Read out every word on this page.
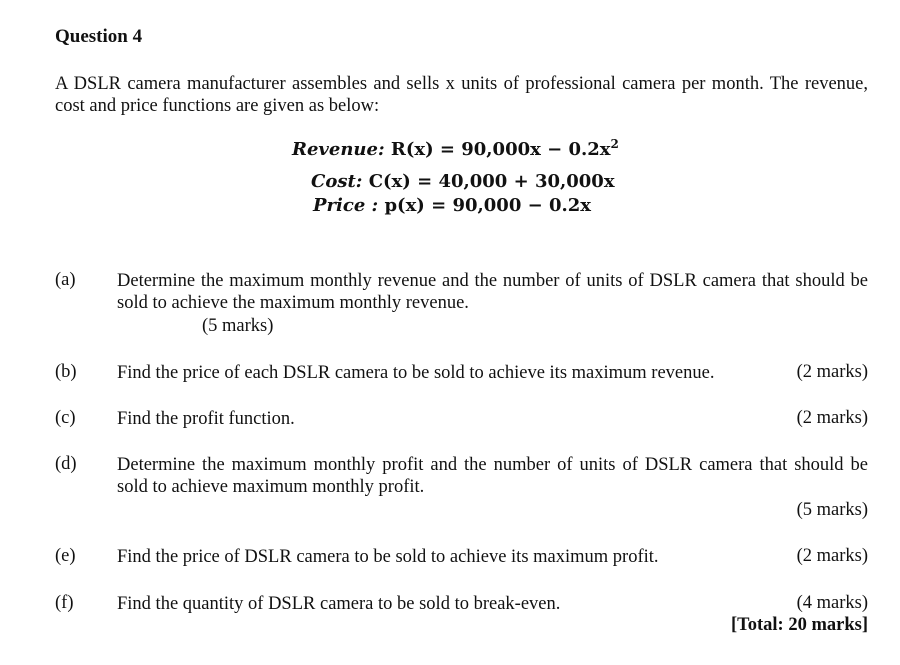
Question 4
A DSLR camera manufacturer assembles and sells x units of professional camera per month. The revenue, cost and price functions are given as below:
Revenue: $R(x) = 90,000x - 0.2x^2$
Cost: C(x) = 40,000 + 30,000x
Price : p(x) = 90,000 − 0.2x
(a) Determine the maximum monthly revenue and the number of units of DSLR camera that should be sold to achieve the maximum monthly revenue.
(5 marks)
(b) Find the price of each DSLR camera to be sold to achieve its maximum revenue.	(2 marks)
(c) Find the profit function.	(2 marks)
(d) Determine the maximum monthly profit and the number of units of DSLR camera that should be sold to achieve maximum monthly profit.
(5 marks)
(e) Find the price of DSLR camera to be sold to achieve its maximum profit.	(2 marks)
(f) Find the quantity of DSLR camera to be sold to break-even.	(4 marks)
[Total: 20 marks]
